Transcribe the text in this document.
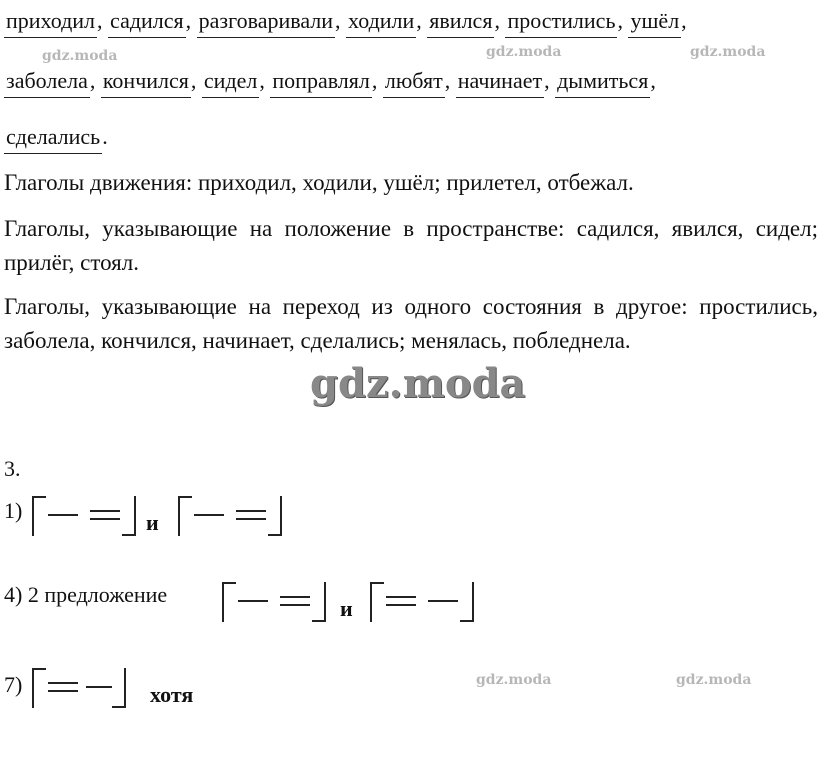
приходил, садился, разговаривали, ходили, явился, простились, ушёл,
заболела, кончился, сидел, поправлял, любят, начинает, дымиться,
сделались.
Глаголы движения: приходил, ходили, ушёл; прилетел, отбежал.
Глаголы, указывающие на положение в пространстве: садился, явился, сидел; прилёг, стоял.
Глаголы, указывающие на переход из одного состояния в другое: простились, заболела, кончился, начинает, сделались; менялась, побледнела.
3.
1)	и
4) 2 предложение
и
7)	хотя
gdz.moda	gdz.moda	gdz.moda
gdz.moda
gdz.moda	gdz.moda
